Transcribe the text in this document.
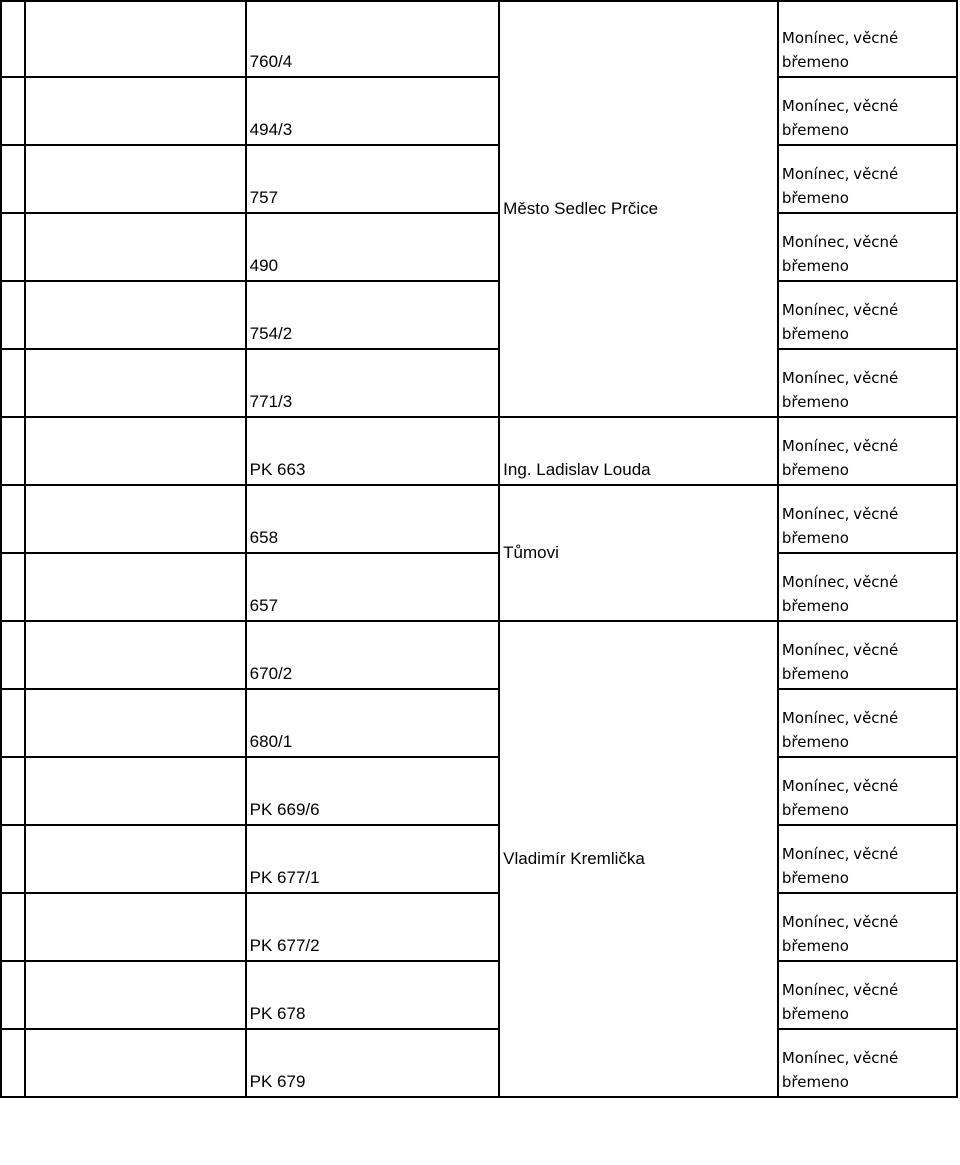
		760/4	Město Sedlec Prčice	Monínec, věcné
břemeno

		494/3		Monínec, věcné
břemeno

		757		Monínec, věcné
břemeno

		490		Monínec, věcné
břemeno

		754/2		Monínec, věcné
břemeno

		771/3		Monínec, věcné
břemeno

		PK 663	Ing. Ladislav Louda	Monínec, věcné
břemeno

		658	Tůmovi	Monínec, věcné
břemeno

		657		Monínec, věcné
břemeno

		670/2	Vladimír Kremlička	Monínec, věcné
břemeno

		680/1		Monínec, věcné
břemeno

		PK 669/6		Monínec, věcné
břemeno

		PK 677/1		Monínec, věcné
břemeno

		PK 677/2		Monínec, věcné
břemeno

		PK 678		Monínec, věcné
břemeno

		PK 679		Monínec, věcné
břemeno
